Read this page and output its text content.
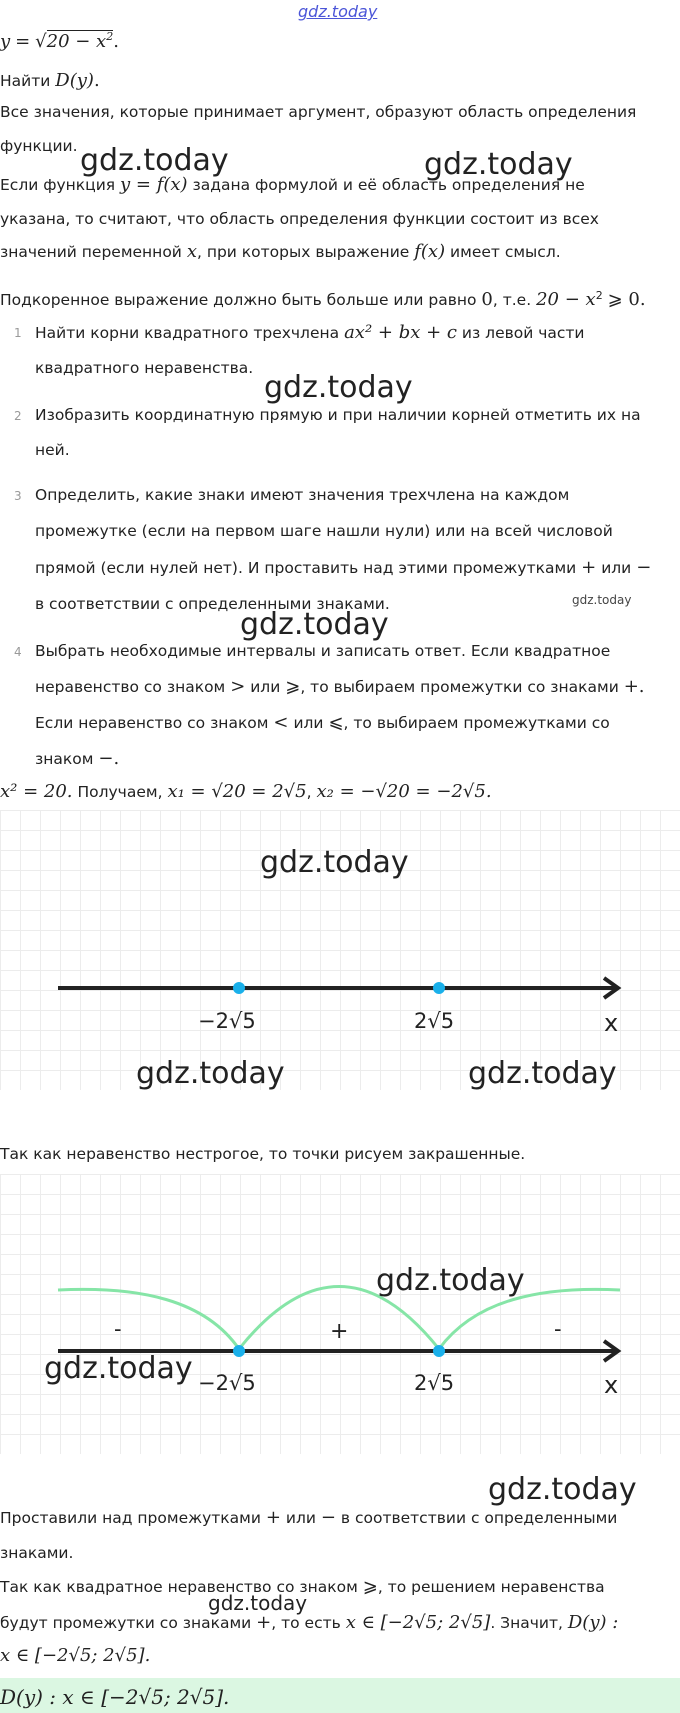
gdz.today
$y = √20 - x^2$.
Найти D(y).
Все значения, которые принимает аргумент, образуют область определения
функции.
Если функция y = f(x) задана формулой и её область определения не
указана, то считают, что область определения функции состоит из всех
значений переменной x, при которых выражение f(x) имеет смысл.
Подкоренное выражение должно быть больше или равно 0, т.е. $20 - x^2$ ⩾ 0.
1 Найти корни квадратного трехчлена ax² + bx + c из левой части
квадратного неравенства.
2 Изобразить координатную прямую и при наличии корней отметить их на
ней.
3 Определить, какие знаки имеют значения трехчлена на каждом
промежутке (если на первом шаге нашли нули) или на всей числовой
прямой (если нулей нет). И проставить над этими промежутками + или −
в соответствии с определенными знаками.
4 Выбрать необходимые интервалы и записать ответ. Если квадратное
неравенство со знаком > или ⩾, то выбираем промежутки со знаками +.
Если неравенство со знаком < или ⩽, то выбираем промежутками со
знаком −.
x² = 20. Получаем, x₁ = √20 = 2√5, x₂ = −√20 = −2√5.
−2√5	2√5	x
Так как неравенство нестрогое, то точки рисуем закрашенные.
-	+	-
−2√5	2√5	x
Проставили над промежутками + или − в соответствии с определенными
знаками.
Так как квадратное неравенство со знаком ⩾, то решением неравенства
будут промежутки со знаками +, то есть x ∈ [−2√5; 2√5]. Значит, D(y) :
x ∈ [−2√5; 2√5].
D(y) : x ∈ [−2√5; 2√5].
gdz.today	gdz.today
gdz.today
gdz.today
gdz.today
gdz.today
gdz.today	gdz.today
gdz.today
gdz.today
gdz.today
gdz.today
